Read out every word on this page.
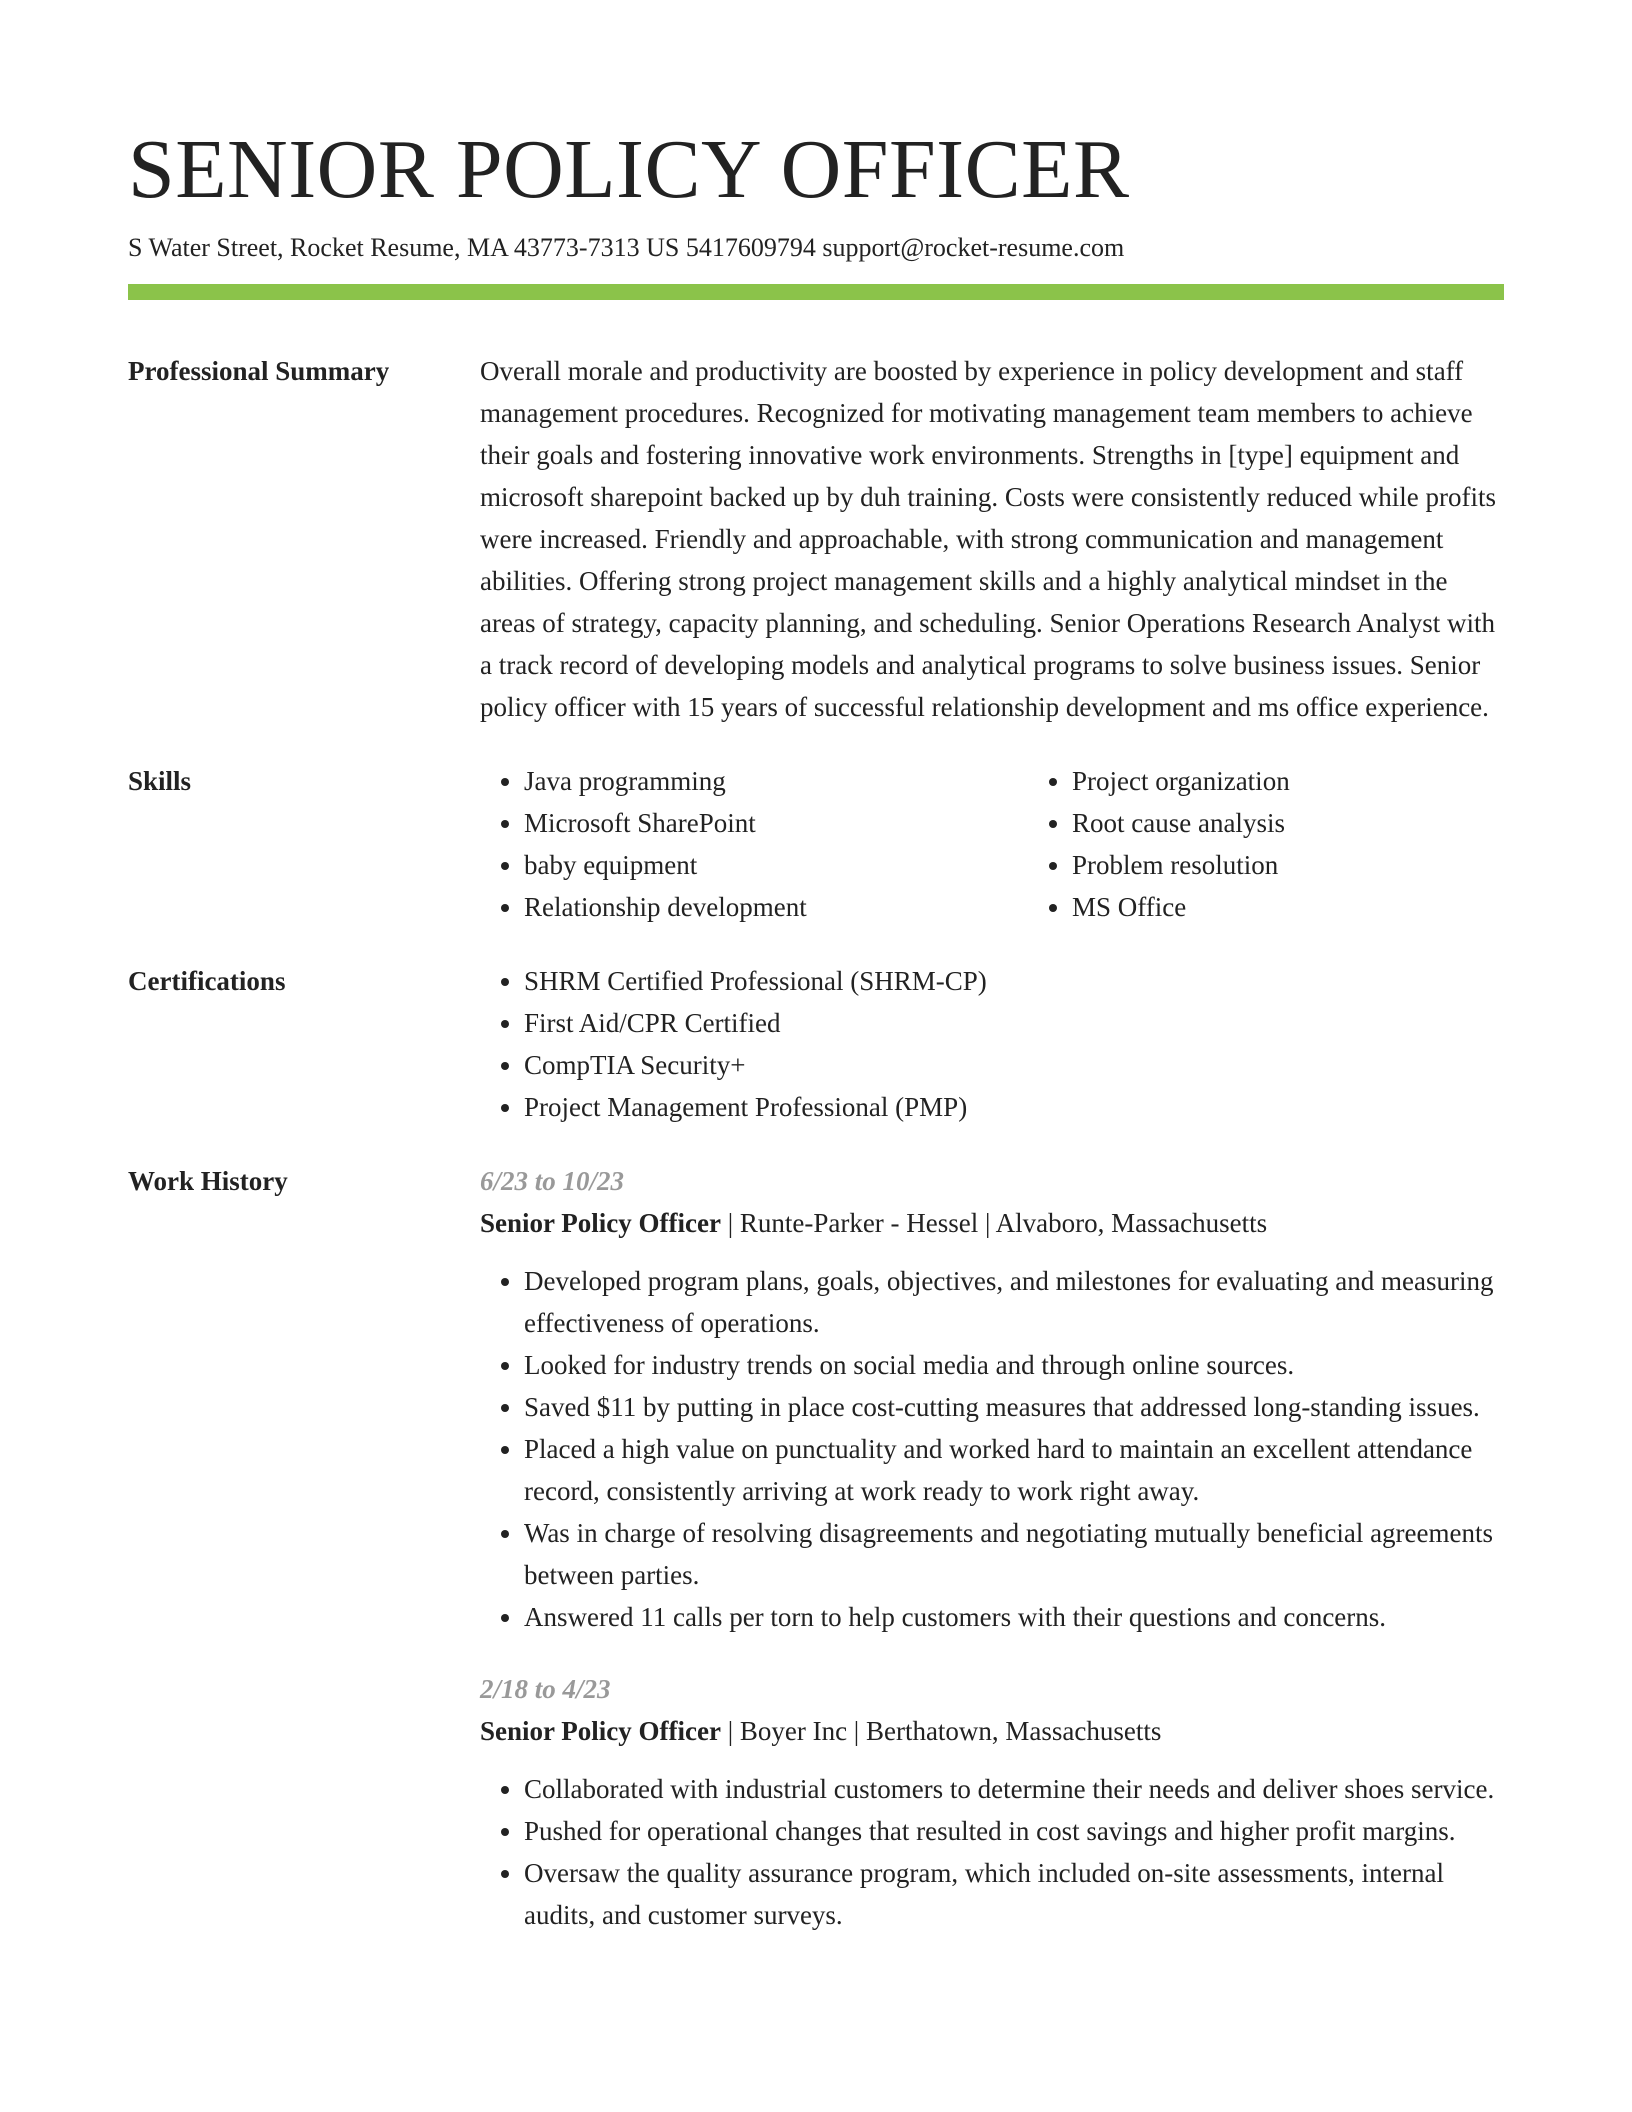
SENIOR POLICY OFFICER
S Water Street, Rocket Resume, MA 43773-7313 US 5417609794 support@rocket-resume.com
Professional Summary	Overall morale and productivity are boosted by experience in policy development and staff management procedures. Recognized for motivating management team members to achieve their goals and fostering innovative work environments. Strengths in [type] equipment and microsoft sharepoint backed up by duh training. Costs were consistently reduced while profits were increased. Friendly and approachable, with strong communication and management abilities. Offering strong project management skills and a highly analytical mindset in the areas of strategy, capacity planning, and scheduling. Senior Operations Research Analyst with a track record of developing models and analytical programs to solve business issues. Senior policy officer with 15 years of successful relationship development and ms office experience.
Skills	• Java programming
• Microsoft SharePoint
• baby equipment
• Relationship development
• Project organization
• Root cause analysis
• Problem resolution
• MS Office
Certifications	• SHRM Certified Professional (SHRM-CP)
• First Aid/CPR Certified
• CompTIA Security+
• Project Management Professional (PMP)
Work History	6/23 to 10/23
Senior Policy Officer | Runte-Parker - Hessel | Alvaboro, Massachusetts
• Developed program plans, goals, objectives, and milestones for evaluating and measuring effectiveness of operations.
• Looked for industry trends on social media and through online sources.
• Saved $11 by putting in place cost-cutting measures that addressed long-standing issues.
• Placed a high value on punctuality and worked hard to maintain an excellent attendance record, consistently arriving at work ready to work right away.
• Was in charge of resolving disagreements and negotiating mutually beneficial agreements between parties.
• Answered 11 calls per torn to help customers with their questions and concerns.
2/18 to 4/23
Senior Policy Officer | Boyer Inc | Berthatown, Massachusetts
• Collaborated with industrial customers to determine their needs and deliver shoes service.
• Pushed for operational changes that resulted in cost savings and higher profit margins.
• Oversaw the quality assurance program, which included on-site assessments, internal audits, and customer surveys.
